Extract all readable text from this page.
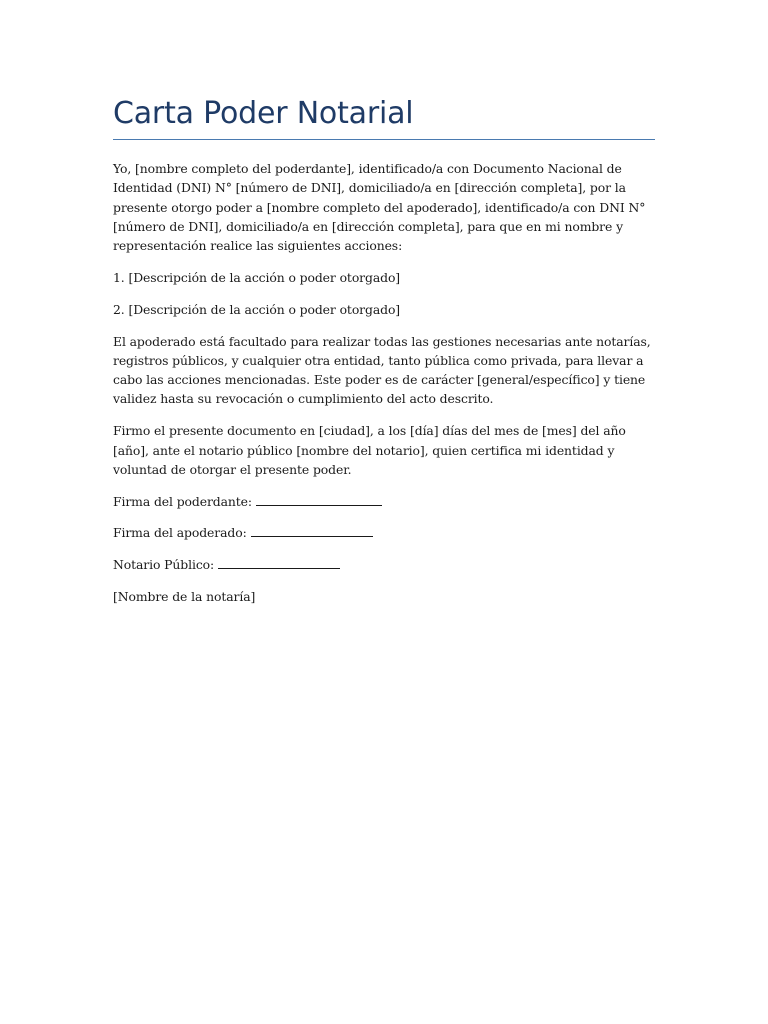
Carta Poder Notarial

Yo, [nombre completo del poderdante], identificado/a con Documento Nacional de Identidad (DNI) N° [número de DNI], domiciliado/a en [dirección completa], por la presente otorgo poder a [nombre completo del apoderado], identificado/a con DNI N° [número de DNI], domiciliado/a en [dirección completa], para que en mi nombre y representación realice las siguientes acciones:

1. [Descripción de la acción o poder otorgado]

2. [Descripción de la acción o poder otorgado]

El apoderado está facultado para realizar todas las gestiones necesarias ante notarías, registros públicos, y cualquier otra entidad, tanto pública como privada, para llevar a cabo las acciones mencionadas. Este poder es de carácter [general/específico] y tiene validez hasta su revocación o cumplimiento del acto descrito.

Firmo el presente documento en [ciudad], a los [día] días del mes de [mes] del año [año], ante el notario público [nombre del notario], quien certifica mi identidad y voluntad de otorgar el presente poder.

Firma del poderdante:

Firma del apoderado:

Notario Público:

[Nombre de la notaría]
